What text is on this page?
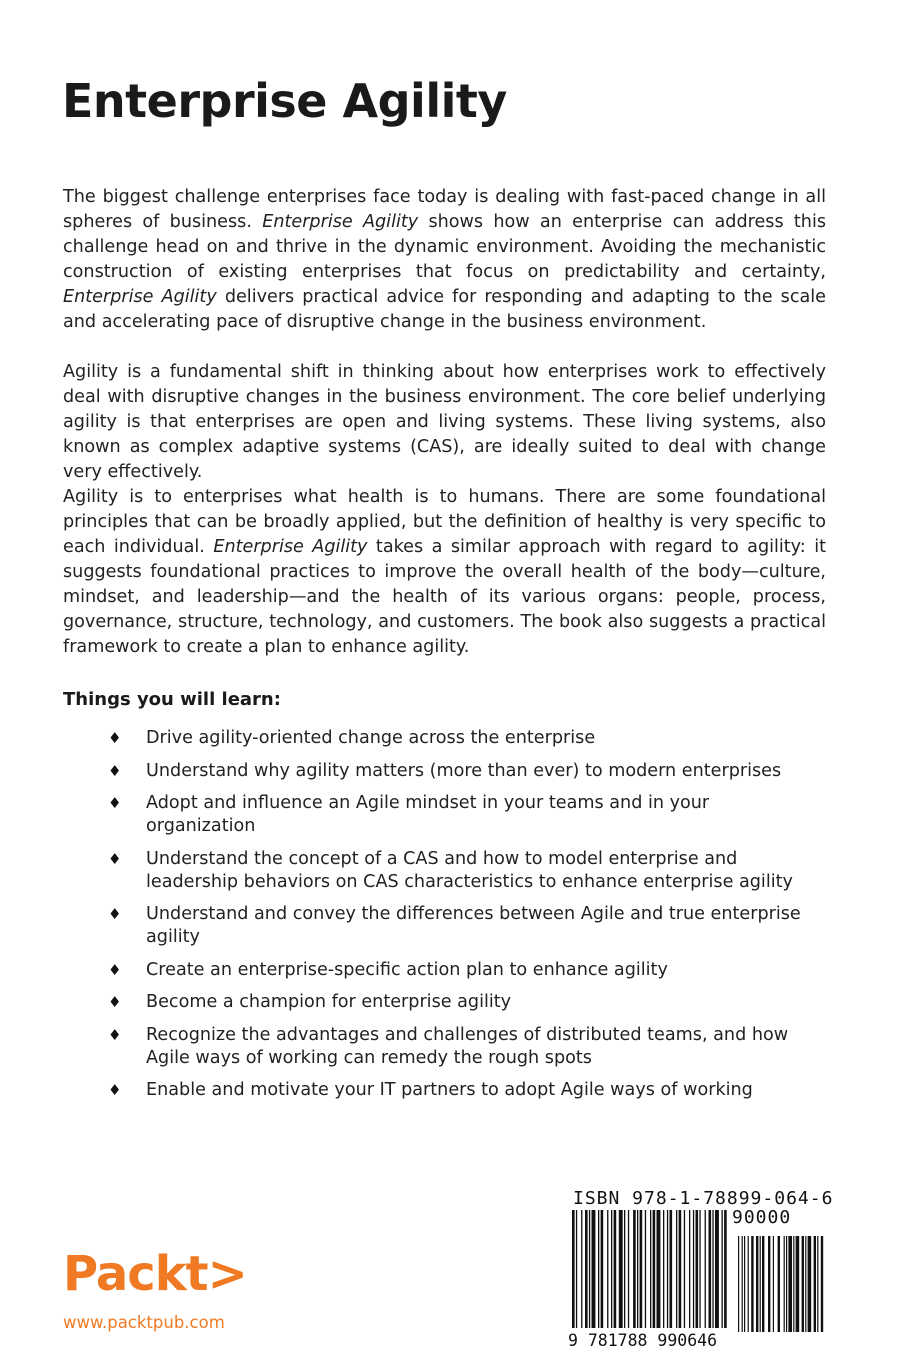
Enterprise Agility

The biggest challenge enterprises face today is dealing with fast-paced change in all spheres of business. Enterprise Agility shows how an enterprise can address this challenge head on and thrive in the dynamic environment. Avoiding the mechanistic construction of existing enterprises that focus on predictability and certainty, Enterprise Agility delivers practical advice for responding and adapting to the scale and accelerating pace of disruptive change in the business environment.

Agility is a fundamental shift in thinking about how enterprises work to effectively deal with disruptive changes in the business environment. The core belief underlying agility is that enterprises are open and living systems. These living systems, also known as complex adaptive systems (CAS), are ideally suited to deal with change very effectively.

Agility is to enterprises what health is to humans. There are some foundational principles that can be broadly applied, but the definition of healthy is very specific to each individual. Enterprise Agility takes a similar approach with regard to agility: it suggests foundational practices to improve the overall health of the body—culture, mindset, and leadership—and the health of its various organs: people, process, governance, structure, technology, and customers. The book also suggests a practical framework to create a plan to enhance agility.

Things you will learn:

♦ Drive agility-oriented change across the enterprise
♦ Understand why agility matters (more than ever) to modern enterprises
♦ Adopt and influence an Agile mindset in your teams and in your organization
♦ Understand the concept of a CAS and how to model enterprise and leadership behaviors on CAS characteristics to enhance enterprise agility
♦ Understand and convey the differences between Agile and true enterprise agility
♦ Create an enterprise-specific action plan to enhance agility
♦ Become a champion for enterprise agility
♦ Recognize the advantages and challenges of distributed teams, and how Agile ways of working can remedy the rough spots
♦ Enable and motivate your IT partners to adopt Agile ways of working
Packt>

www.packtpub.com

ISBN 978-1-78899-064-6

90000

9 781788 990646
